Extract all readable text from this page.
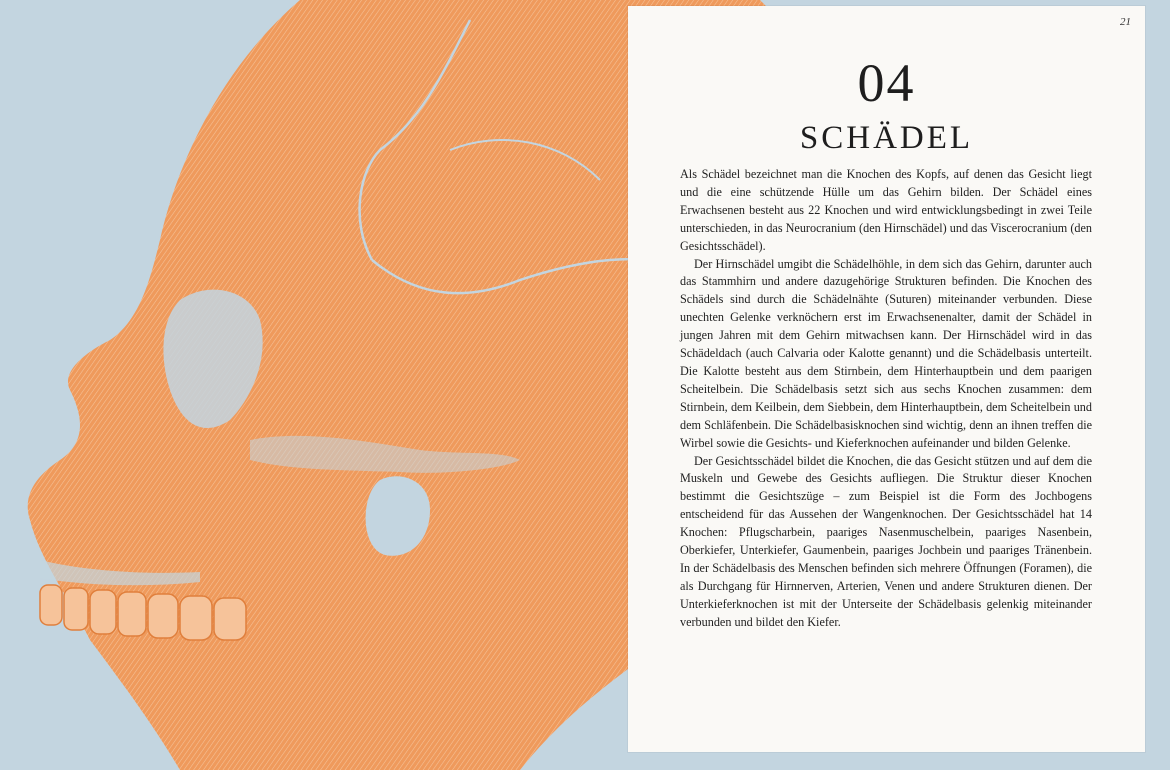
21
04
SCHÄDEL

Als Schädel bezeichnet man die Knochen des Kopfs, auf denen das Gesicht liegt und die eine schützende Hülle um das Gehirn bilden. Der Schädel eines Erwachsenen besteht aus 22 Knochen und wird entwicklungsbedingt in zwei Teile unterschieden, in das Neurocranium (den Hirnschädel) und das Viscerocranium (den Gesichtsschädel).

Der Hirnschädel umgibt die Schädelhöhle, in dem sich das Gehirn, darunter auch das Stammhirn und andere dazugehörige Strukturen befinden. Die Knochen des Schädels sind durch die Schädelnähte (Suturen) miteinander verbunden. Diese unechten Gelenke verknöchern erst im Erwachsenenalter, damit der Schädel in jungen Jahren mit dem Gehirn mitwachsen kann. Der Hirnschädel wird in das Schädeldach (auch Calvaria oder Kalotte genannt) und die Schädelbasis unterteilt. Die Kalotte besteht aus dem Stirnbein, dem Hinterhauptbein und dem paarigen Scheitelbein. Die Schädelbasis setzt sich aus sechs Knochen zusammen: dem Stirnbein, dem Keilbein, dem Siebbein, dem Hinterhauptbein, dem Scheitelbein und dem Schläfenbein. Die Schädelbasisknochen sind wichtig, denn an ihnen treffen die Wirbel sowie die Gesichts- und Kieferknochen aufeinander und bilden Gelenke.

Der Gesichtsschädel bildet die Knochen, die das Gesicht stützen und auf dem die Muskeln und Gewebe des Gesichts aufliegen. Die Struktur dieser Knochen bestimmt die Gesichtszüge – zum Beispiel ist die Form des Jochbogens entscheidend für das Aussehen der Wangenknochen. Der Gesichtsschädel hat 14 Knochen: Pflugscharbein, paariges Nasenmuschelbein, paariges Nasenbein, Oberkiefer, Unterkiefer, Gaumenbein, paariges Jochbein und paariges Tränenbein. In der Schädelbasis des Menschen befinden sich mehrere Öffnungen (Foramen), die als Durchgang für Hirnnerven, Arterien, Venen und andere Strukturen dienen. Der Unterkieferknochen ist mit der Unterseite der Schädelbasis gelenkig miteinander verbunden und bildet den Kiefer.
